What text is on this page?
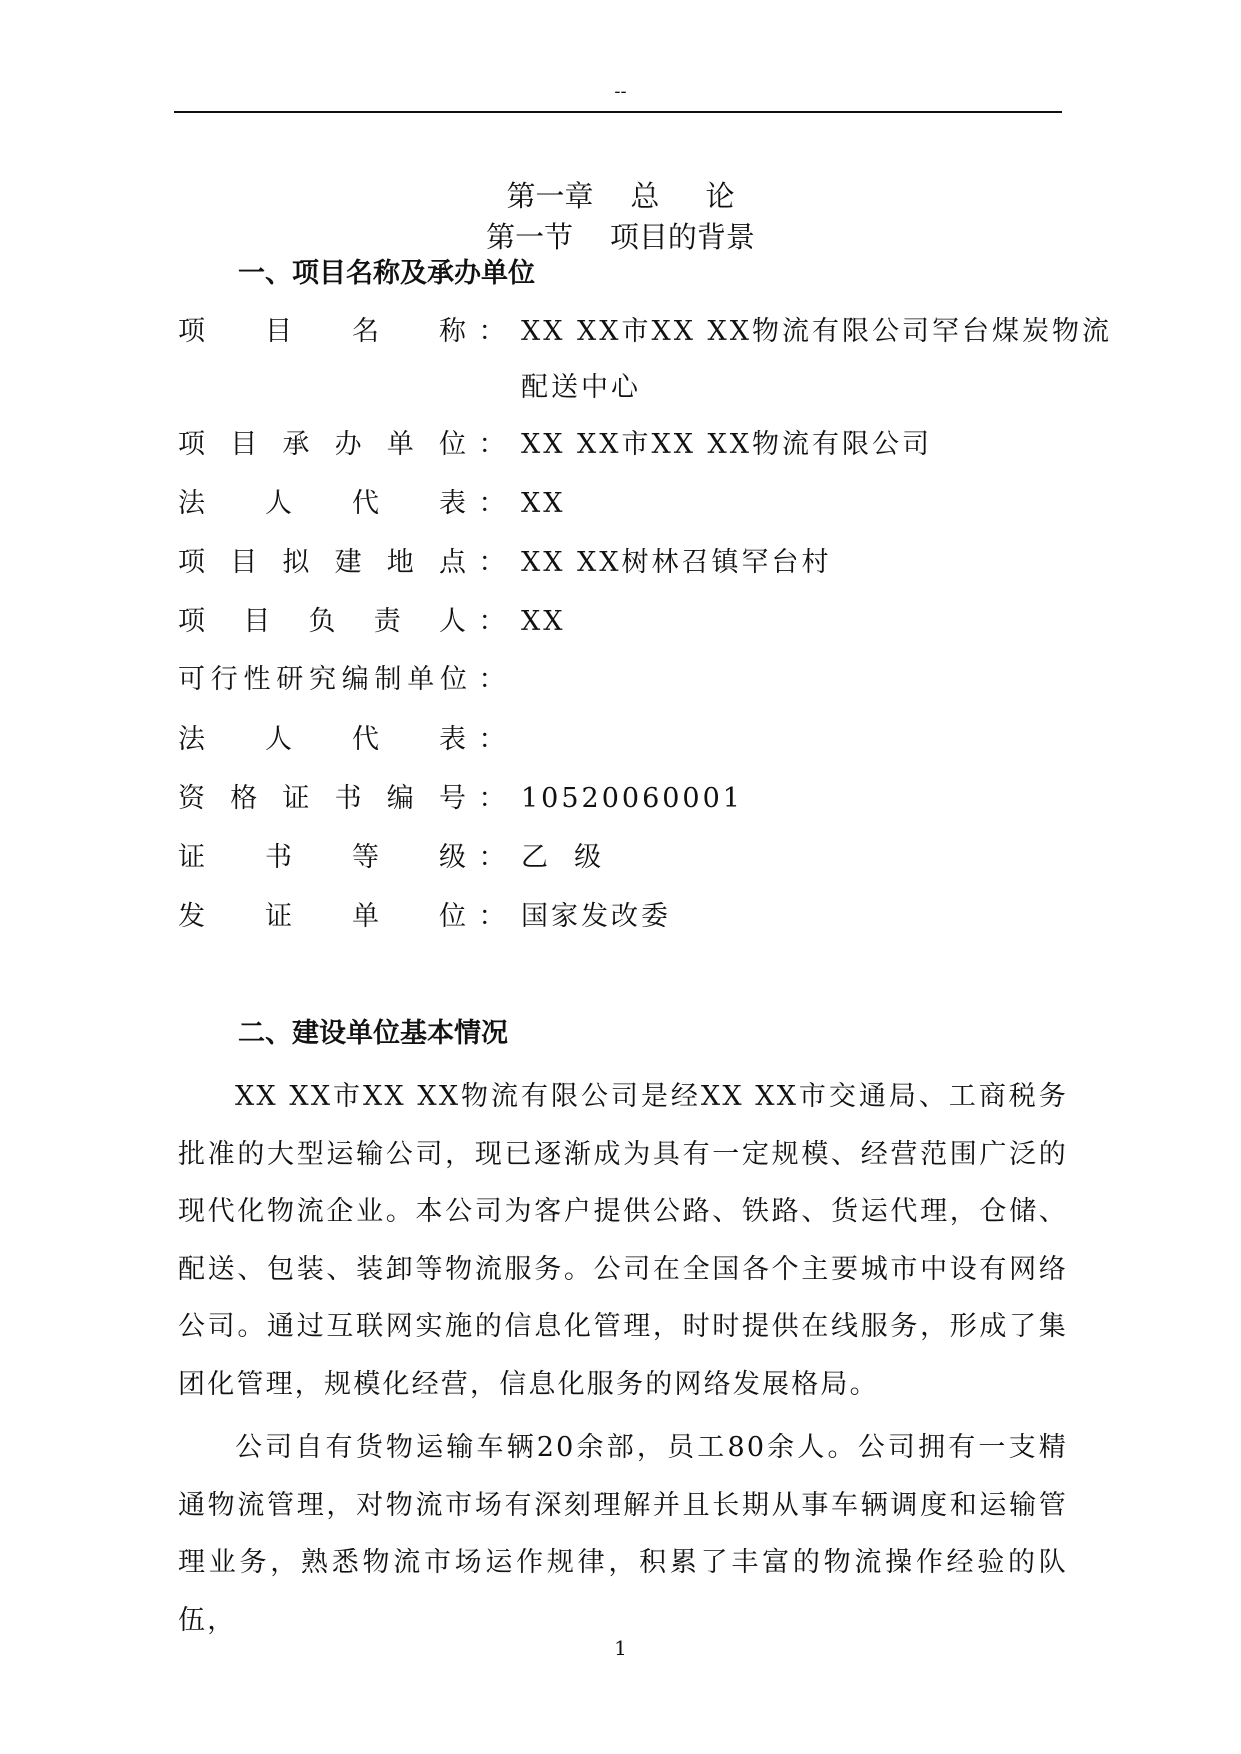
--
第一章    总     论
第一节    项目的背景
一、项目名称及承办单位
项目名称 ： XX XX市XX XX物流有限公司罕台煤炭物流
配送中心
项目承办单位 ： XX XX市XX XX物流有限公司
法人代表 ： XX
项目拟建地点 ： XX XX树林召镇罕台村
项目负责人 ： XX
可行性研究编制单位 ：
法人代表 ：
资格证书编号 ： 10520060001
证书等级 ： 乙  级
发证单位 ： 国家发改委
二、建设单位基本情况

XX XX市XX XX物流有限公司是经XX XX市交通局、工商税务批准的大型运输公司，现已逐渐成为具有一定规模、经营范围广泛的现代化物流企业。本公司为客户提供公路、铁路、货运代理，仓储、配送、包装、装卸等物流服务。公司在全国各个主要城市中设有网络公司。通过互联网实施的信息化管理，时时提供在线服务，形成了集团化管理，规模化经营，信息化服务的网络发展格局。

公司自有货物运输车辆20余部，员工80余人。公司拥有一支精通物流管理，对物流市场有深刻理解并且长期从事车辆调度和运输管理业务，熟悉物流市场运作规律，积累了丰富的物流操作经验的队伍，

1
